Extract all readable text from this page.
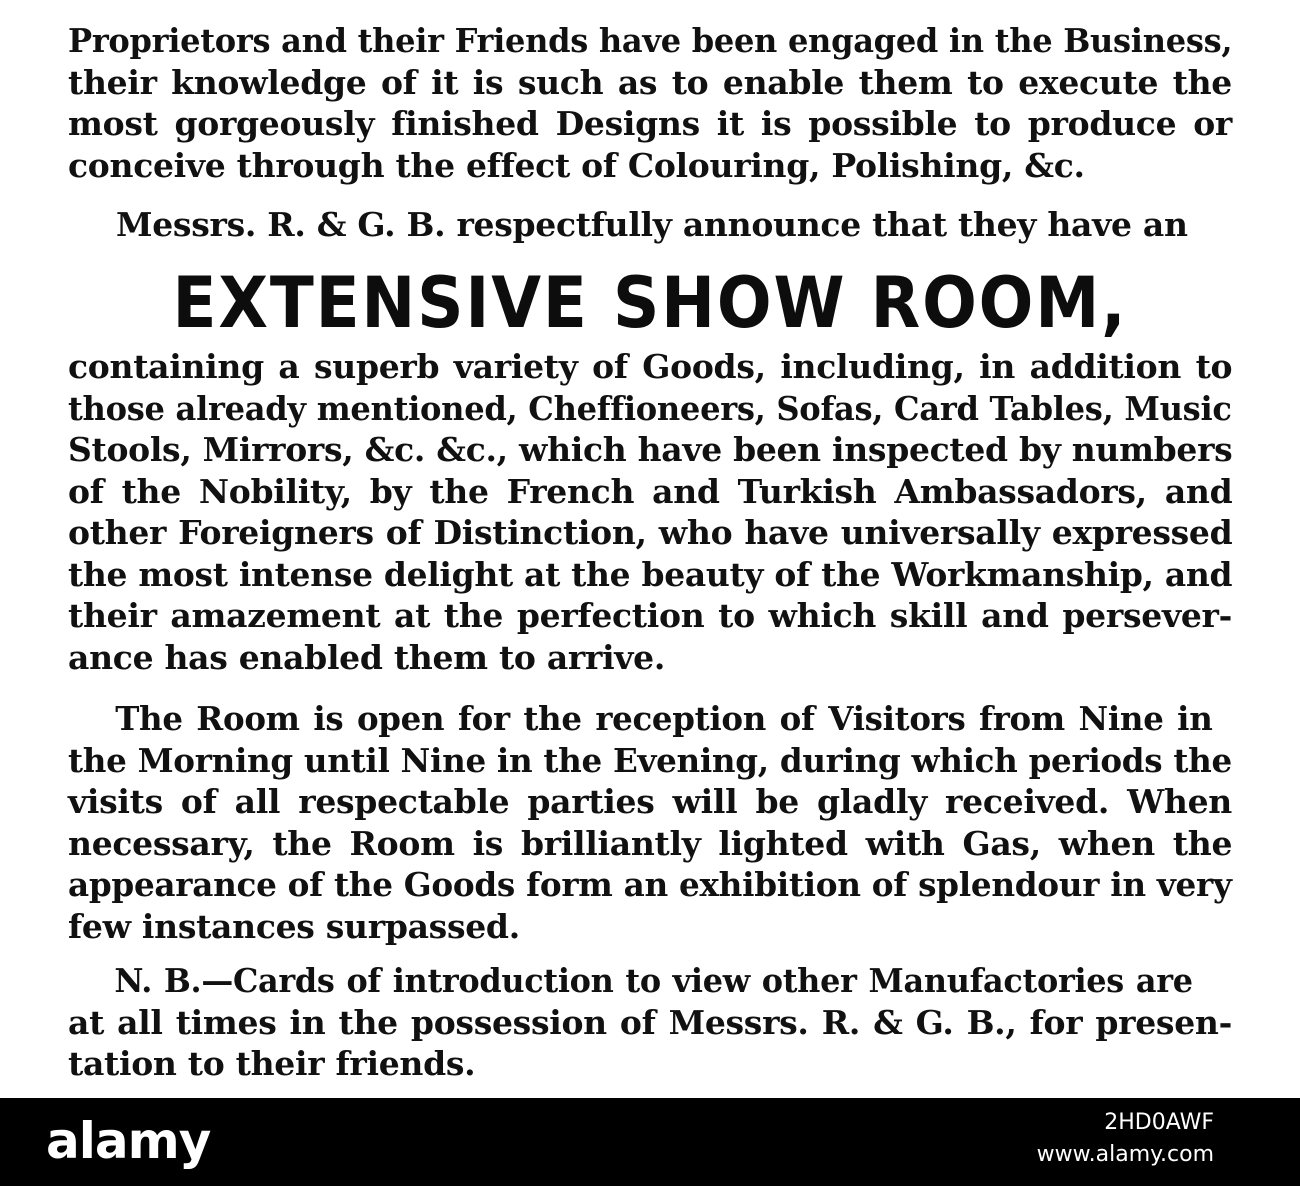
Proprietors and their Friends have been engaged in the Business,
their knowledge of it is such as to enable them to execute the
most gorgeously finished Designs it is possible to produce or
conceive through the effect of Colouring, Polishing, &c.
Messrs. R. & G. B. respectfully announce that they have an
EXTENSIVE SHOW ROOM,
containing a superb variety of Goods, including, in addition to
those already mentioned, Cheffioneers, Sofas, Card Tables, Music
Stools, Mirrors, &c. &c., which have been inspected by numbers
of the Nobility, by the French and Turkish Ambassadors, and
other Foreigners of Distinction, who have universally expressed
the most intense delight at the beauty of the Workmanship, and
their amazement at the perfection to which skill and persever-
ance has enabled them to arrive.
The Room is open for the reception of Visitors from Nine in
the Morning until Nine in the Evening, during which periods the
visits of all respectable parties will be gladly received. When
necessary, the Room is brilliantly lighted with Gas, when the
appearance of the Goods form an exhibition of splendour in very
few instances surpassed.
N. B.—Cards of introduction to view other Manufactories are
at all times in the possession of Messrs. R. & G. B., for presen-
tation to their friends.
alamy	2HD0AWF
www.alamy.com
